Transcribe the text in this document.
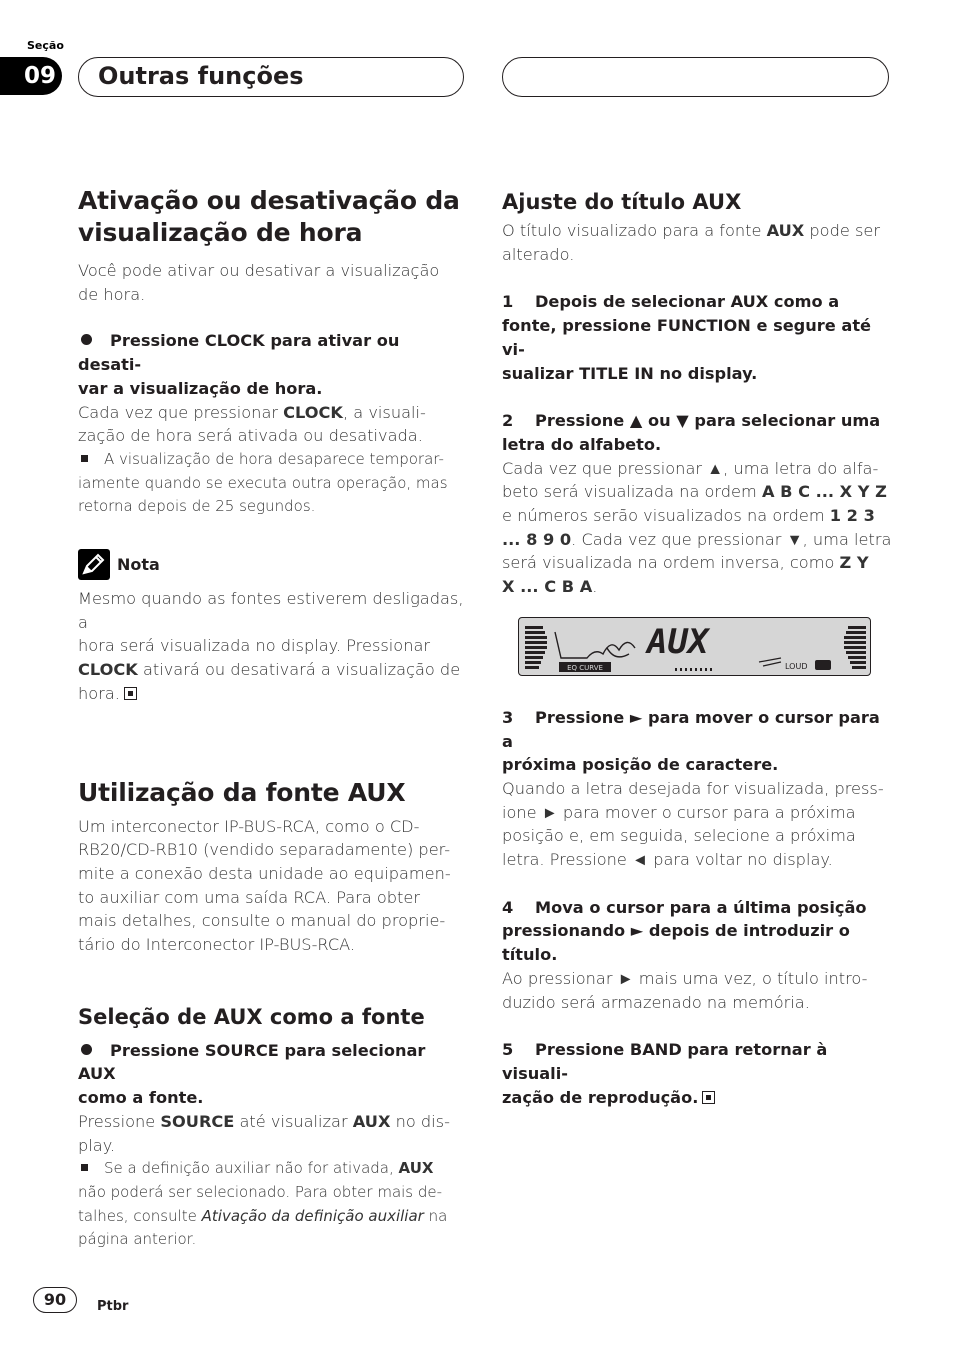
Seção
09 Outras funções
Ativação ou desativação da
visualização de hora

Você pode ativar ou desativar a visualização
de hora.

Pressione CLOCK para ativar ou desati-
var a visualização de hora.

Cada vez que pressionar CLOCK, a visuali-
zação de hora será ativada ou desativada.

A visualização de hora desaparece temporar-
iamente quando se executa outra operação, mas
retorna depois de 25 segundos.

Nota

Mesmo quando as fontes estiverem desligadas, a
hora será visualizada no display. Pressionar
CLOCK ativará ou desativará a visualização de
hora.

Utilização da fonte AUX

Um interconector IP-BUS-RCA, como o CD-
RB20/CD-RB10 (vendido separadamente) per-
mite a conexão desta unidade ao equipamen-
to auxiliar com uma saída RCA. Para obter
mais detalhes, consulte o manual do proprie-
tário do Interconector IP-BUS-RCA.

Seleção de AUX como a fonte

Pressione SOURCE para selecionar AUX
como a fonte.

Pressione SOURCE até visualizar AUX no dis-
play.

Se a definição auxiliar não for ativada, AUX
não poderá ser selecionado. Para obter mais de-
talhes, consulte Ativação da definição auxiliar na
página anterior.

Ajuste do título AUX

O título visualizado para a fonte AUX pode ser
alterado.

1 Depois de selecionar AUX como a
fonte, pressione FUNCTION e segure até vi-
sualizar TITLE IN no display.

2 Pressione ▲ ou ▼ para selecionar uma
letra do alfabeto.

Cada vez que pressionar ▲, uma letra do alfa-
beto será visualizada na ordem A B C ... X Y Z
e números serão visualizados na ordem 1 2 3
... 8 9 0. Cada vez que pressionar ▼, uma letra
será visualizada na ordem inversa, como Z Y
X ... C B A.

EQ CURVE
AUX
LOUD

3 Pressione ► para mover o cursor para a
próxima posição de caractere.

Quando a letra desejada for visualizada, press-
ione ► para mover o cursor para a próxima
posição e, em seguida, selecione a próxima
letra. Pressione ◄ para voltar no display.

4 Mova o cursor para a última posição
pressionando ► depois de introduzir o
título.

Ao pressionar ► mais uma vez, o título intro-
duzido será armazenado na memória.

5 Pressione BAND para retornar à visuali-
zação de reprodução.

90	Ptbr
